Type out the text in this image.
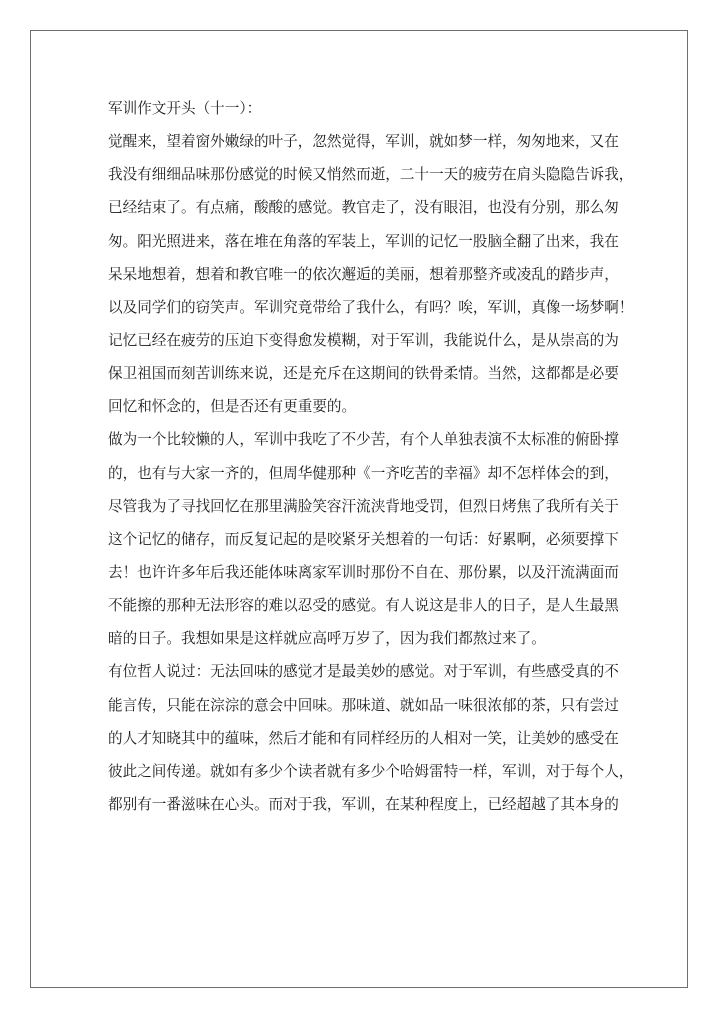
军训作文开头（十一）：
觉醒来，望着窗外嫩绿的叶子，忽然觉得，军训，就如梦一样，匆匆地来，又在
我没有细细品味那份感觉的时候又悄然而逝，二十一天的疲劳在肩头隐隐告诉我，
已经结束了。有点痛，酸酸的感觉。教官走了，没有眼泪，也没有分别，那么匆
匆。阳光照进来，落在堆在角落的军装上，军训的记忆一股脑全翻了出来，我在
呆呆地想着，想着和教官唯一的依次邂逅的美丽，想着那整齐或凌乱的踏步声，
以及同学们的窃笑声。军训究竟带给了我什么，有吗？唉，军训，真像一场梦啊！
记忆已经在疲劳的压迫下变得愈发模糊，对于军训，我能说什么，是从崇高的为
保卫祖国而刻苦训练来说，还是充斥在这期间的铁骨柔情。当然，这都都是必要
回忆和怀念的，但是否还有更重要的。
做为一个比较懒的人，军训中我吃了不少苦，有个人单独表演不太标准的俯卧撑
的，也有与大家一齐的，但周华健那种《一齐吃苦的幸福》却不怎样体会的到，
尽管我为了寻找回忆在那里满脸笑容汗流浃背地受罚，但烈日烤焦了我所有关于
这个记忆的储存，而反复记起的是咬紧牙关想着的一句话：好累啊，必须要撑下
去！也许许多年后我还能体味离家军训时那份不自在、那份累，以及汗流满面而
不能擦的那种无法形容的难以忍受的感觉。有人说这是非人的日子，是人生最黑
暗的日子。我想如果是这样就应高呼万岁了，因为我们都熬过来了。
有位哲人说过：无法回味的感觉才是最美妙的感觉。对于军训，有些感受真的不
能言传，只能在淙淙的意会中回味。那味道、就如品一味很浓郁的茶，只有尝过
的人才知晓其中的蕴味，然后才能和有同样经历的人相对一笑，让美妙的感受在
彼此之间传递。就如有多少个读者就有多少个哈姆雷特一样，军训，对于每个人，
都别有一番滋味在心头。而对于我，军训，在某种程度上，已经超越了其本身的
